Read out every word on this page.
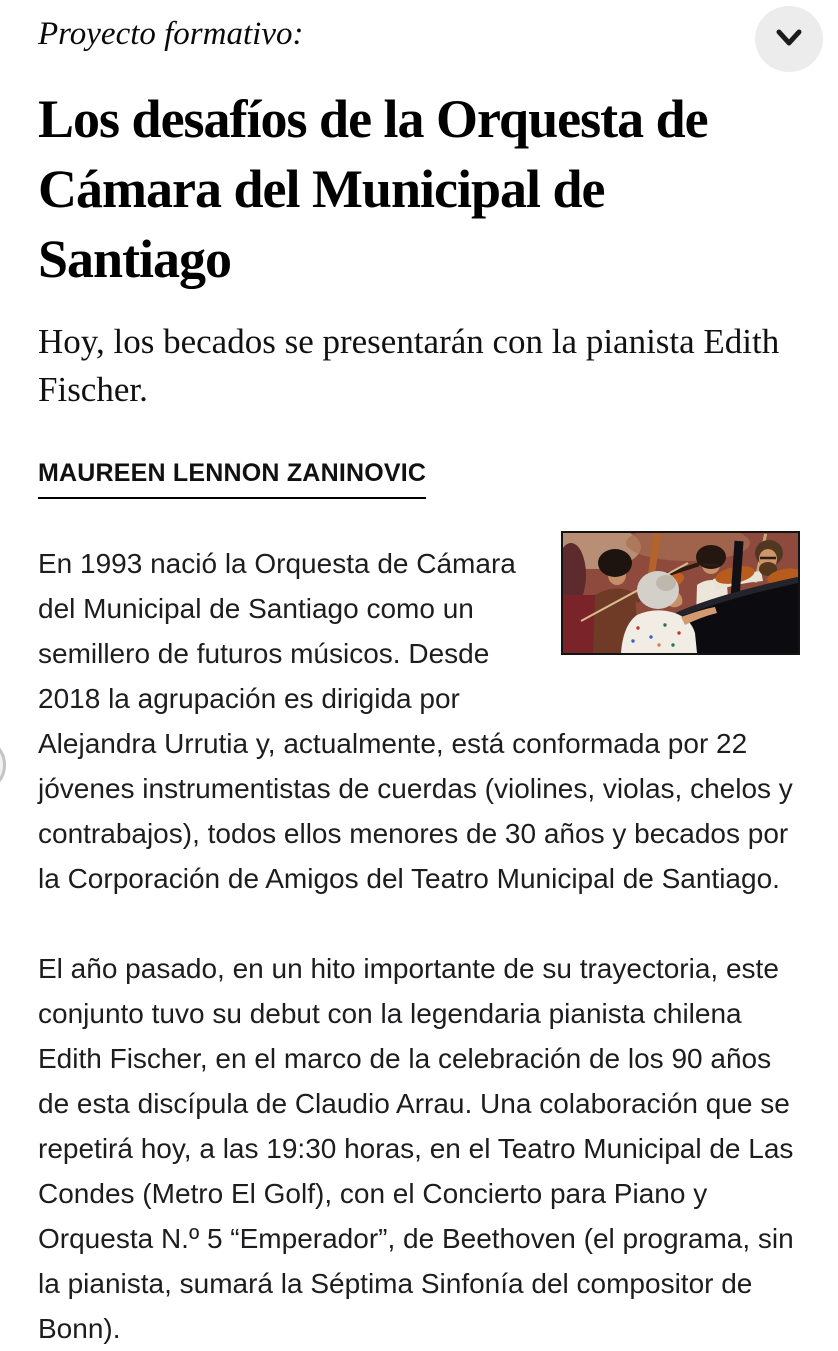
Proyecto formativo:

Los desafíos de la Orquesta de Cámara del Municipal de Santiago
Hoy, los becados se presentarán con la pianista Edith Fischer.
MAUREEN LENNON ZANINOVIC

En 1993 nació la Orquesta de Cámara del Municipal de Santiago como un semillero de futuros músicos. Desde 2018 la agrupación es dirigida por Alejandra Urrutia y, actualmente, está conformada por 22 jóvenes instrumentistas de cuerdas (violines, violas, chelos y contrabajos), todos ellos menores de 30 años y becados por la Corporación de Amigos del Teatro Municipal de Santiago.

El año pasado, en un hito importante de su trayectoria, este conjunto tuvo su debut con la legendaria pianista chilena Edith Fischer, en el marco de la celebración de los 90 años de esta discípula de Claudio Arrau. Una colaboración que se repetirá hoy, a las 19:30 horas, en el Teatro Municipal de Las Condes (Metro El Golf), con el Concierto para Piano y Orquesta N.º 5 “Emperador”, de Beethoven (el programa, sin la pianista, sumará la Séptima Sinfonía del compositor de Bonn).
